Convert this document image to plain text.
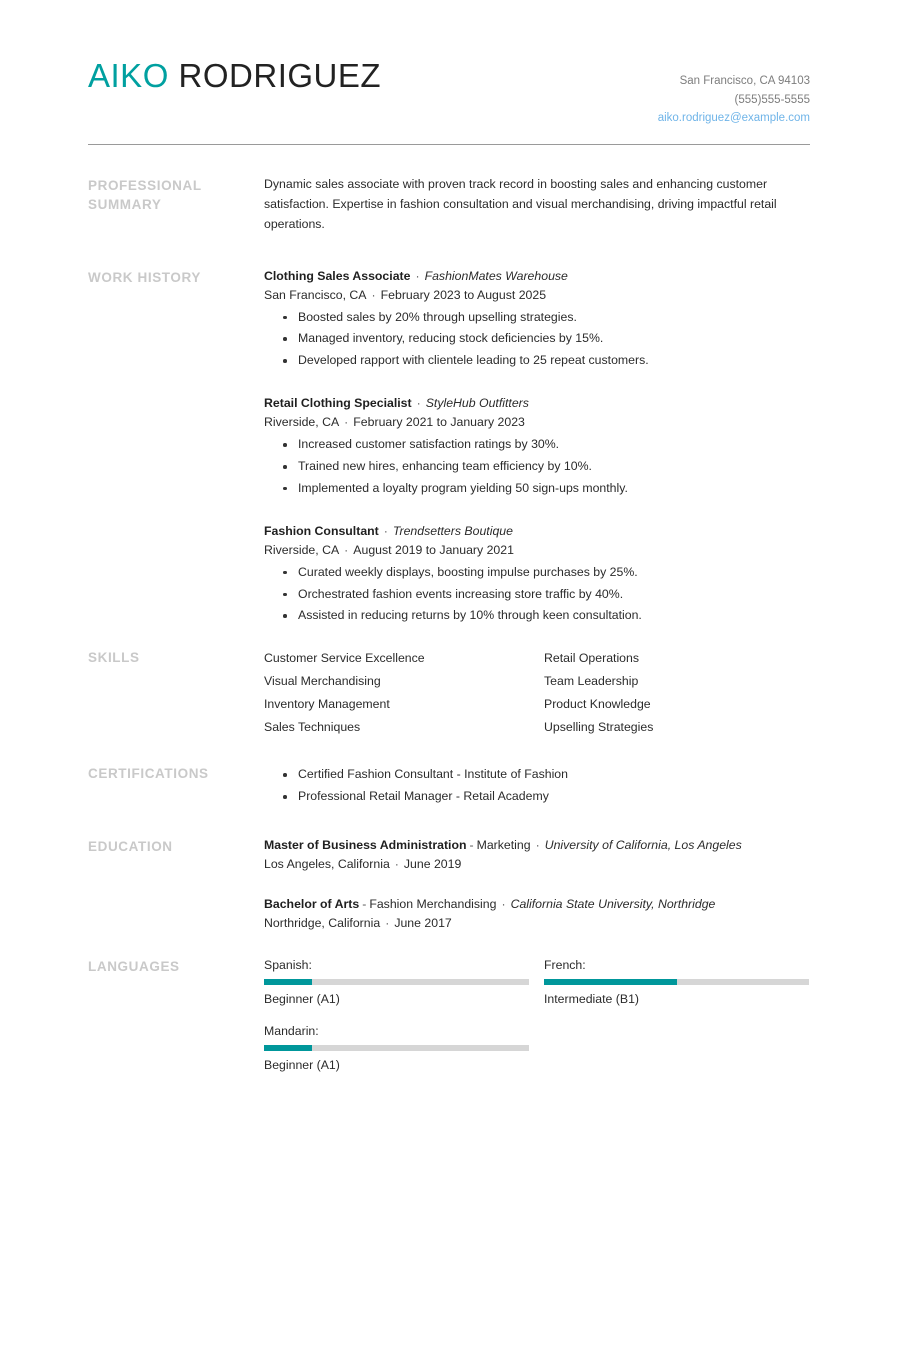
AIKO RODRIGUEZ	San Francisco, CA 94103
(555)555-5555
aiko.rodriguez@example.com
PROFESSIONAL SUMMARY
Dynamic sales associate with proven track record in boosting sales and enhancing customer satisfaction. Expertise in fashion consultation and visual merchandising, driving impactful retail operations.
WORK HISTORY	Clothing Sales Associate · FashionMates Warehouse
San Francisco, CA · February 2023 to August 2025
Boosted sales by 20% through upselling strategies.
Managed inventory, reducing stock deficiencies by 15%.
Developed rapport with clientele leading to 25 repeat customers.
Retail Clothing Specialist · StyleHub Outfitters
Riverside, CA · February 2021 to January 2023
Increased customer satisfaction ratings by 30%.
Trained new hires, enhancing team efficiency by 10%.
Implemented a loyalty program yielding 50 sign-ups monthly.
Fashion Consultant · Trendsetters Boutique
Riverside, CA · August 2019 to January 2021
Curated weekly displays, boosting impulse purchases by 25%.
Orchestrated fashion events increasing store traffic by 40%.
Assisted in reducing returns by 10% through keen consultation.
SKILLS	Customer Service Excellence	Retail Operations
Visual Merchandising	Team Leadership
Inventory Management	Product Knowledge
Sales Techniques	Upselling Strategies
CERTIFICATIONS	Certified Fashion Consultant - Institute of Fashion
Professional Retail Manager - Retail Academy
EDUCATION	Master of Business Administration - Marketing · University of California, Los Angeles
Los Angeles, California · June 2019
Bachelor of Arts - Fashion Merchandising · California State University, Northridge
Northridge, California · June 2017
LANGUAGES	Spanish:
Beginner (A1)
French:
Intermediate (B1)
Mandarin:
Beginner (A1)
